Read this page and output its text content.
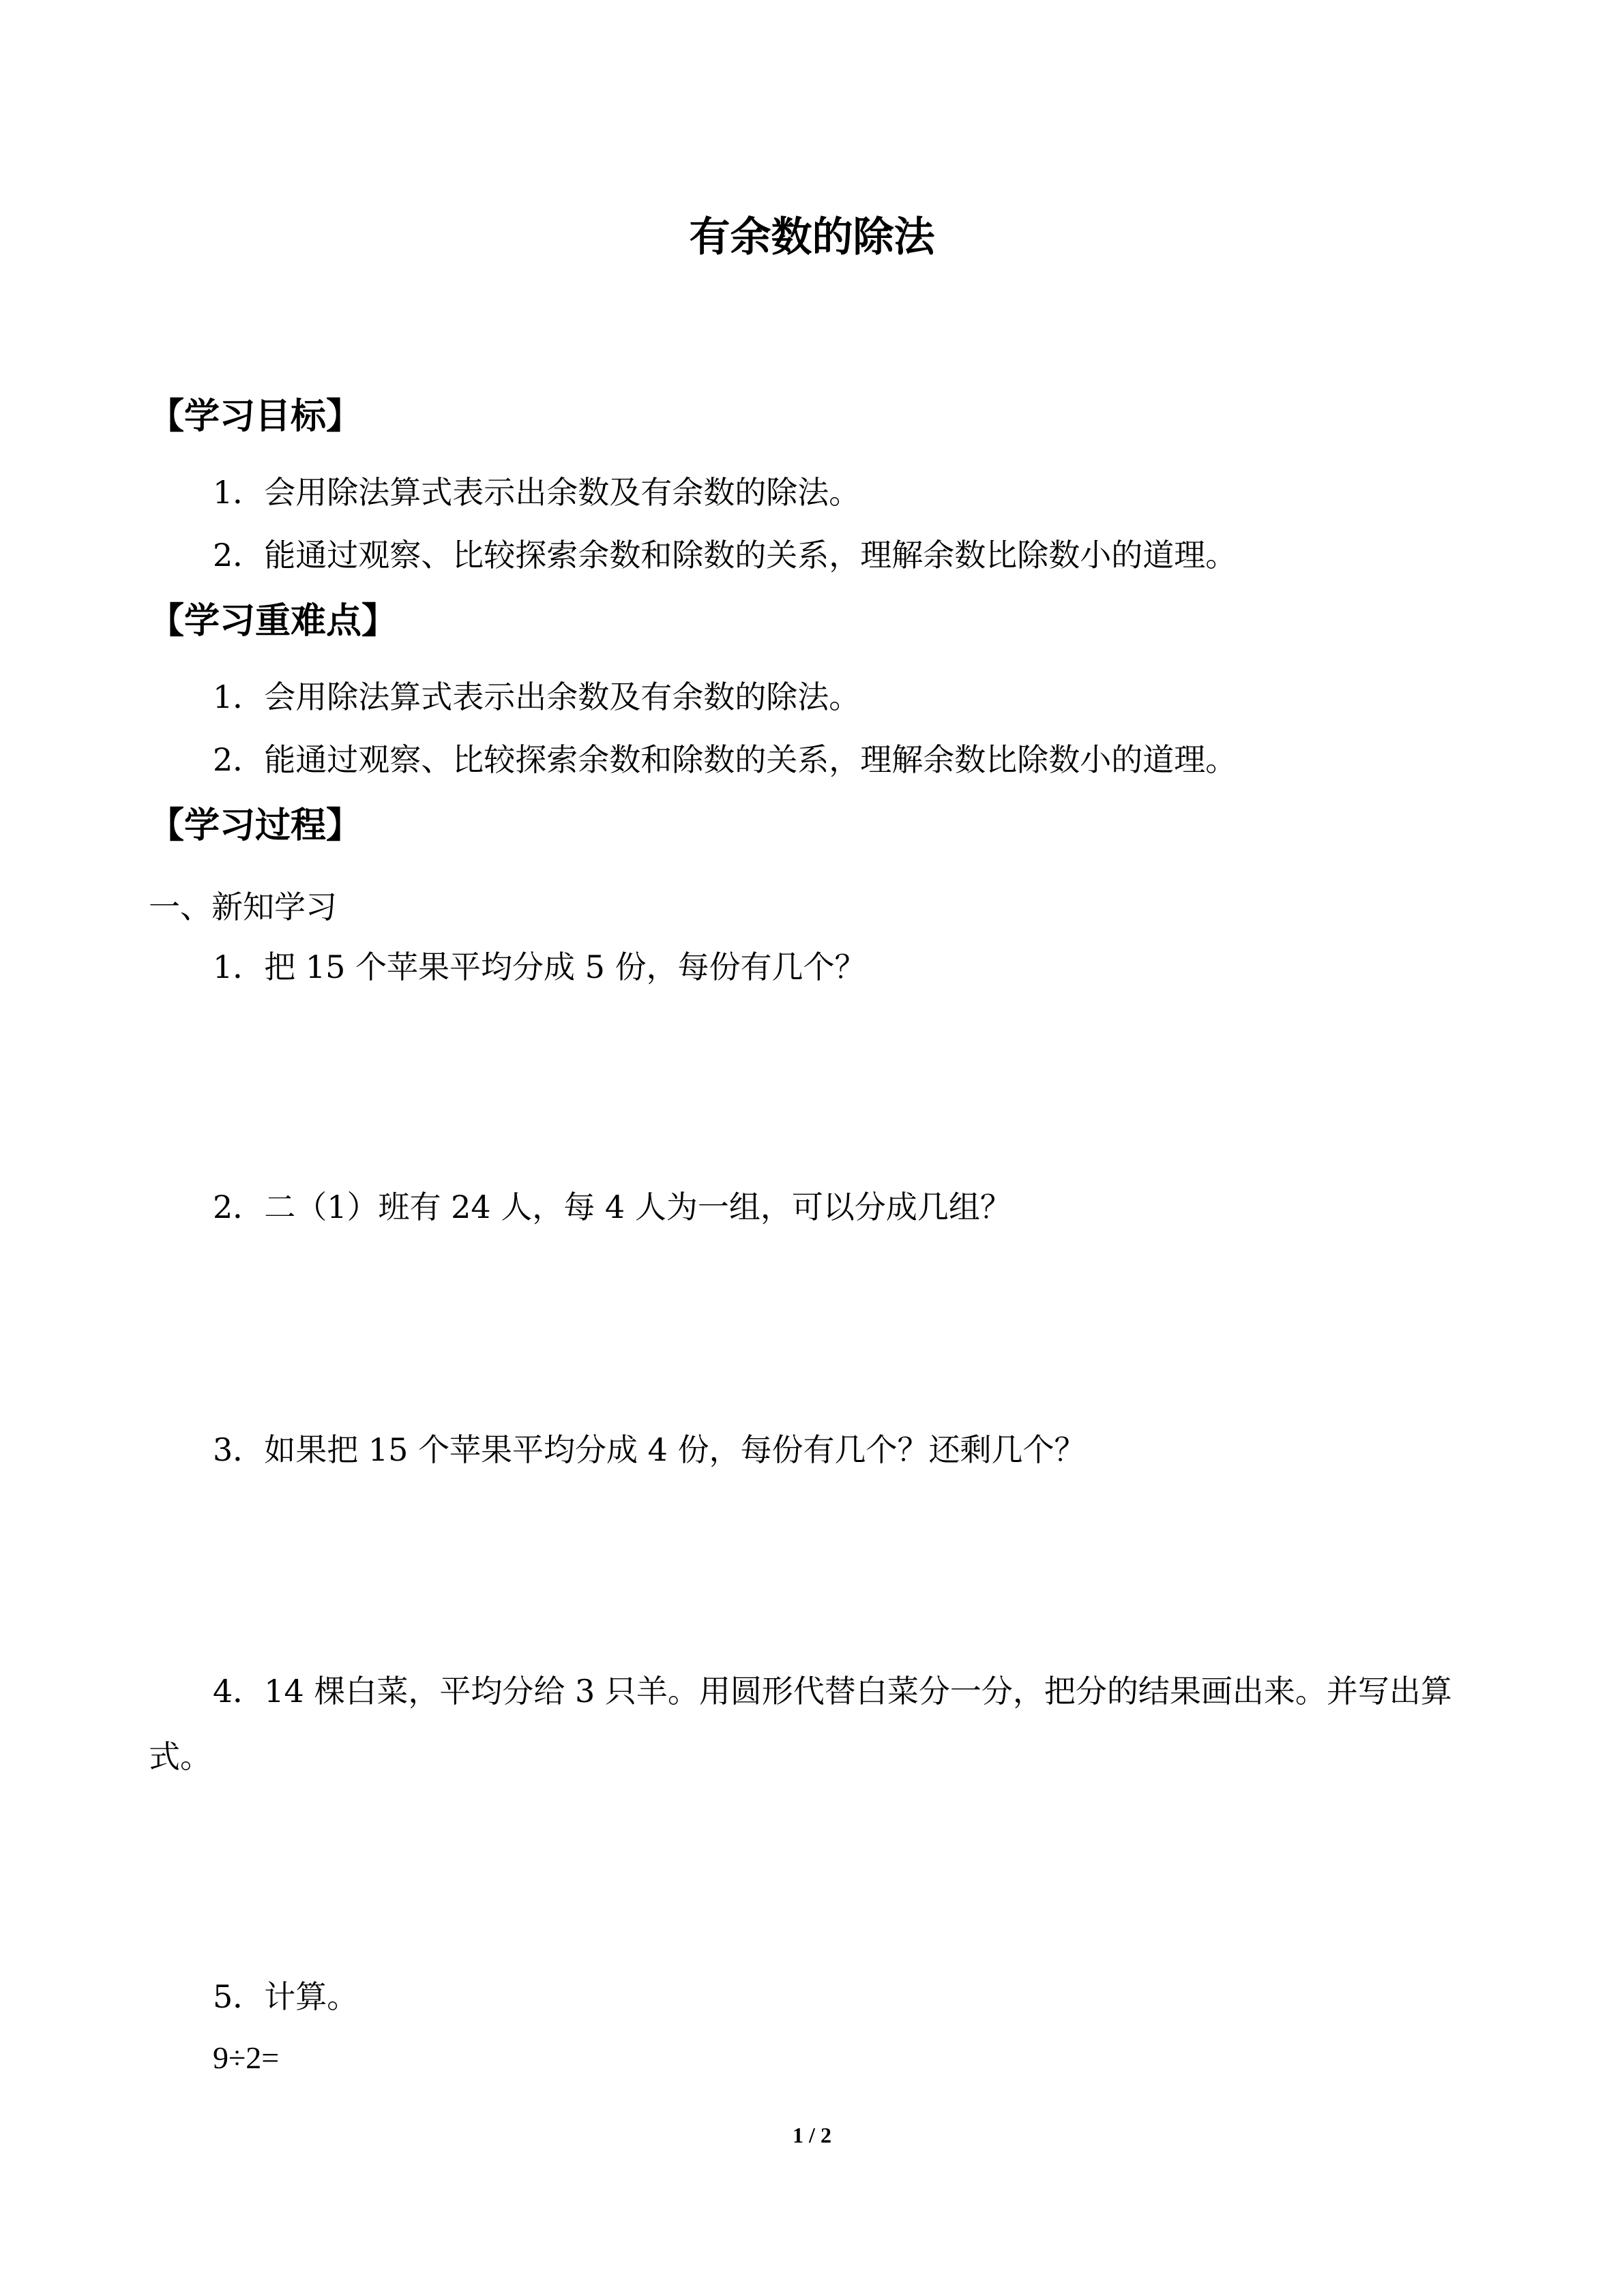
有余数的除法
【学习目标】
1．会用除法算式表示出余数及有余数的除法。
2．能通过观察、比较探索余数和除数的关系，理解余数比除数小的道理。
【学习重难点】
1．会用除法算式表示出余数及有余数的除法。
2．能通过观察、比较探索余数和除数的关系，理解余数比除数小的道理。
【学习过程】
一、新知学习
1．把 15 个苹果平均分成 5 份，每份有几个？
2．二（1）班有 24 人，每 4 人为一组，可以分成几组？
3．如果把 15 个苹果平均分成 4 份，每份有几个？还剩几个？
4．14 棵白菜，平均分给 3 只羊。用圆形代替白菜分一分，把分的结果画出来。并写出算式。
5．计算。
9÷2=
1 / 2
